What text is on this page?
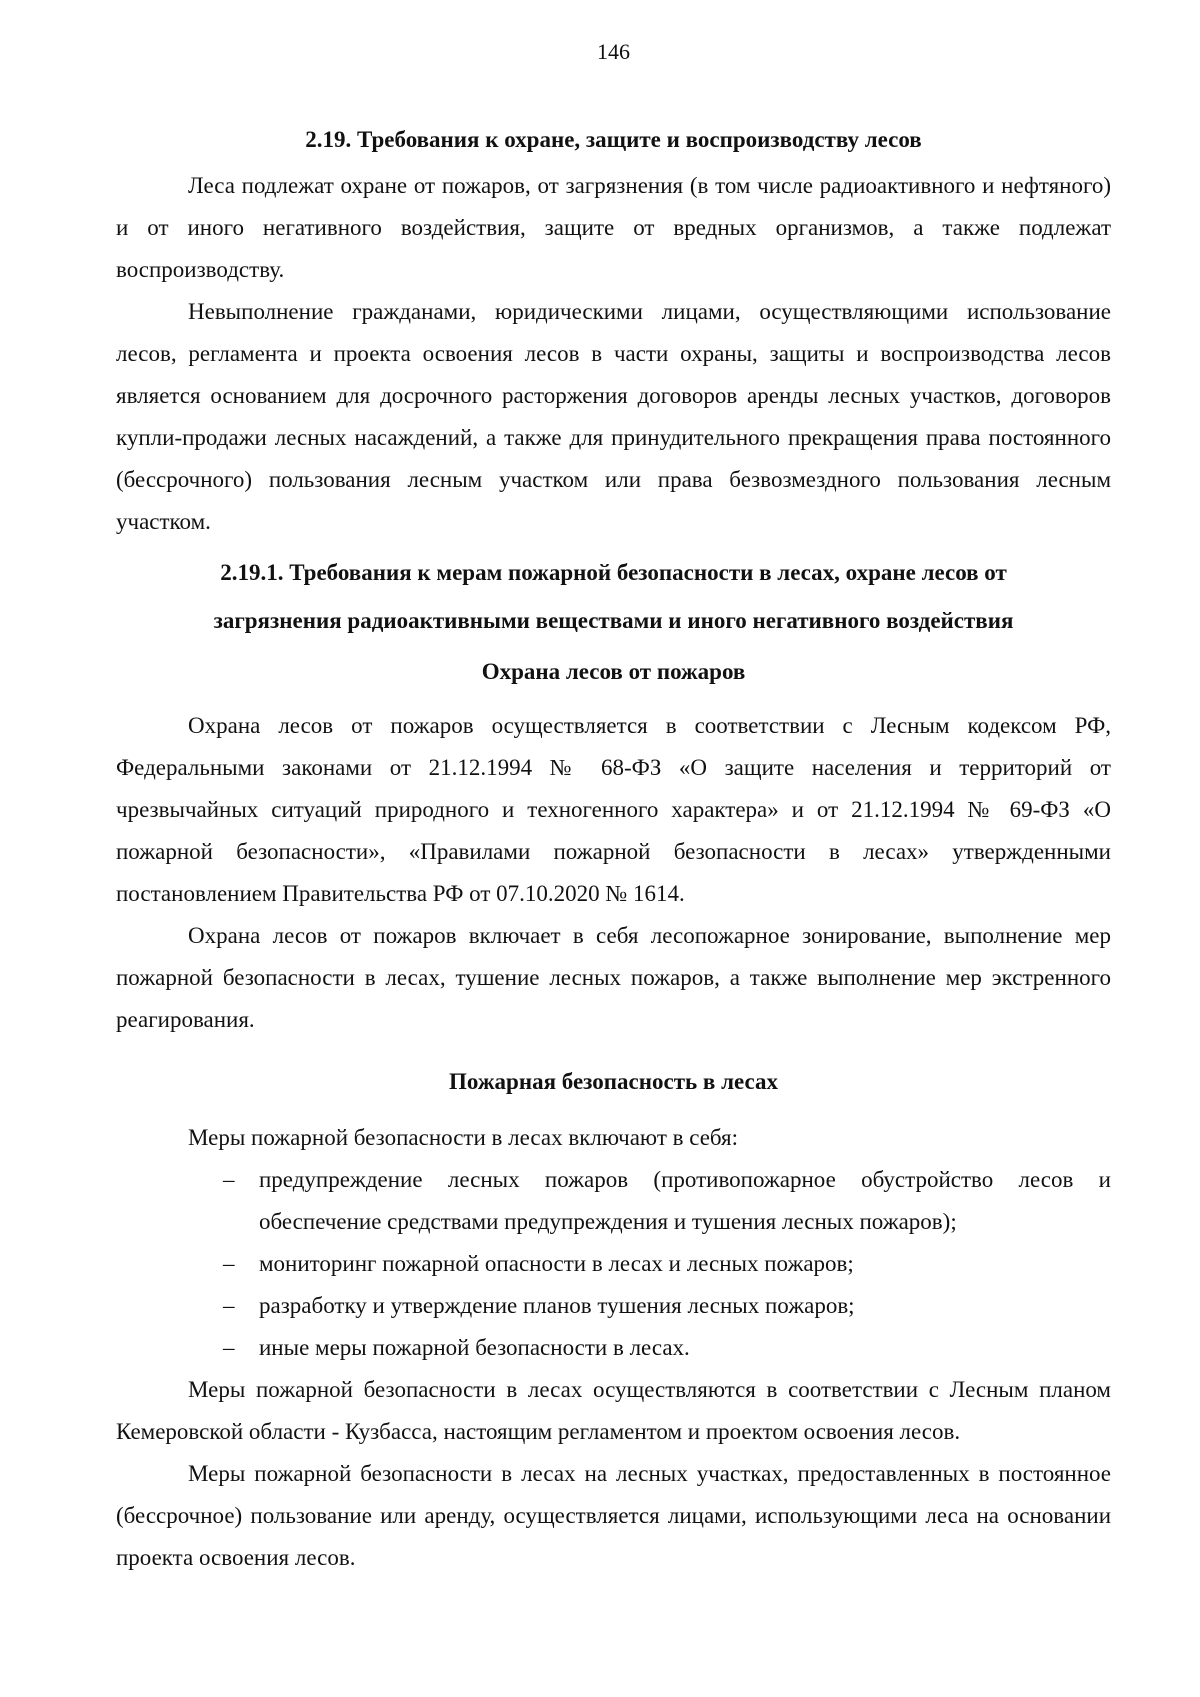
146
2.19. Требования к охране, защите и воспроизводству лесов

Леса подлежат охране от пожаров, от загрязнения (в том числе радиоактивного и нефтяного) и от иного негативного воздействия, защите от вредных организмов, а также подлежат воспроизводству.

Невыполнение гражданами, юридическими лицами, осуществляющими использование лесов, регламента и проекта освоения лесов в части охраны, защиты и воспроизводства лесов является основанием для досрочного расторжения договоров аренды лесных участков, договоров купли-продажи лесных насаждений, а также для принудительного прекращения права постоянного (бессрочного) пользования лесным участком или права безвозмездного пользования лесным участком.

2.19.1. Требования к мерам пожарной безопасности в лесах, охране лесов от загрязнения радиоактивными веществами и иного негативного воздействия
Охрана лесов от пожаров

Охрана лесов от пожаров осуществляется в соответствии с Лесным кодексом РФ, Федеральными законами от 21.12.1994 № 68-ФЗ «О защите населения и территорий от чрезвычайных ситуаций природного и техногенного характера» и от 21.12.1994 № 69-ФЗ «О пожарной безопасности», «Правилами пожарной безопасности в лесах» утвержденными постановлением Правительства РФ от 07.10.2020 № 1614.

Охрана лесов от пожаров включает в себя лесопожарное зонирование, выполнение мер пожарной безопасности в лесах, тушение лесных пожаров, а также выполнение мер экстренного реагирования.

Пожарная безопасность в лесах

Меры пожарной безопасности в лесах включают в себя:

– предупреждение лесных пожаров (противопожарное обустройство лесов и обеспечение средствами предупреждения и тушения лесных пожаров);
– мониторинг пожарной опасности в лесах и лесных пожаров;
– разработку и утверждение планов тушения лесных пожаров;
– иные меры пожарной безопасности в лесах.

Меры пожарной безопасности в лесах осуществляются в соответствии с Лесным планом Кемеровской области - Кузбасса, настоящим регламентом и проектом освоения лесов.

Меры пожарной безопасности в лесах на лесных участках, предоставленных в постоянное (бессрочное) пользование или аренду, осуществляется лицами, использующими леса на основании проекта освоения лесов.
